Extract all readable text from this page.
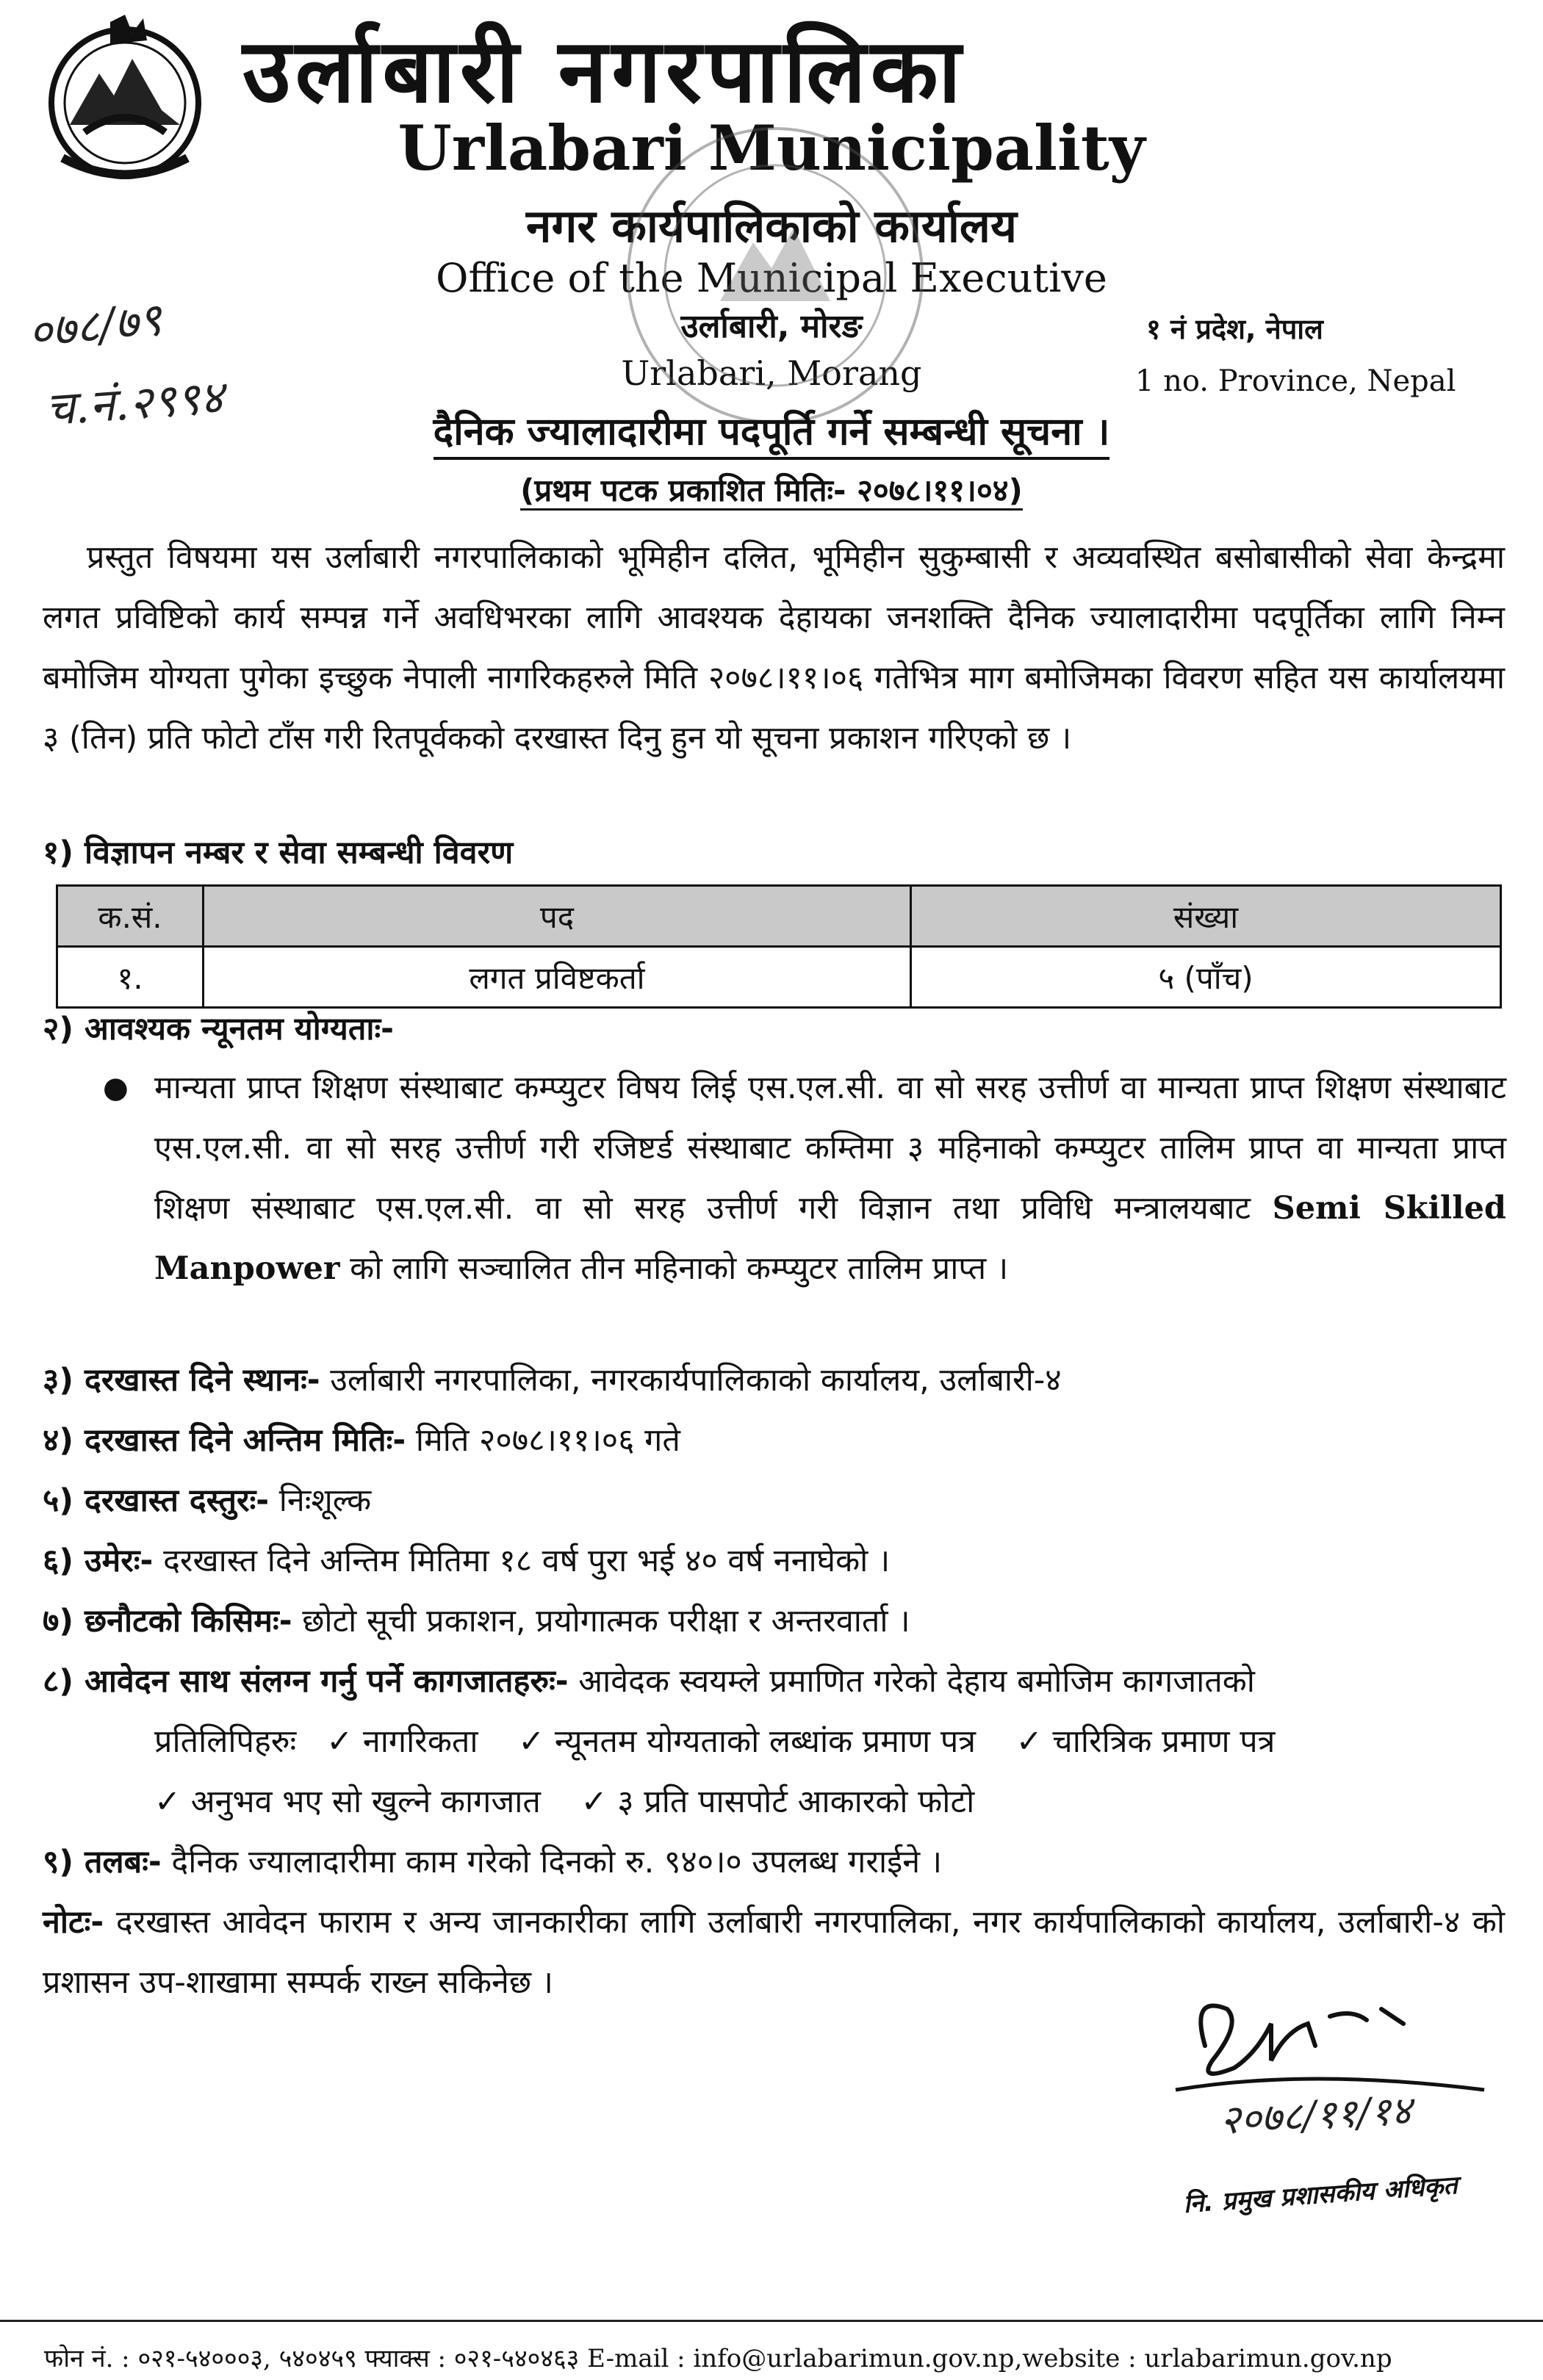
उर्लाबारी नगरपालिका
Urlabari Municipality
नगर कार्यपालिकाको कार्यालय
Office of the Municipal Executive
उर्लाबारी, मोरङ
Urlabari, Morang
१ नं प्रदेश, नेपाल
1 no. Province, Nepal
०७८/७९
च.नं.२९९४	दैनिक ज्यालादारीमा पदपूर्ति गर्ने सम्बन्धी सूचना ।
(प्रथम पटक प्रकाशित मितिः- २०७८।११।०४)
प्रस्तुत विषयमा यस उर्लाबारी नगरपालिकाको भूमिहीन दलित, भूमिहीन सुकुम्बासी र अव्यवस्थित बसोबासीको सेवा केन्द्रमा लगत प्रविष्टिको कार्य सम्पन्न गर्ने अवधिभरका लागि आवश्यक देहायका जनशक्ति दैनिक ज्यालादारीमा पदपूर्तिका लागि निम्न बमोजिम योग्यता पुगेका इच्छुक नेपाली नागरिकहरुले मिति २०७८।११।०६ गतेभित्र माग बमोजिमका विवरण सहित यस कार्यालयमा ३ (तिन) प्रति फोटो टाँस गरी रितपूर्वकको दरखास्त दिनु हुन यो सूचना प्रकाशन गरिएको छ ।
१) विज्ञापन नम्बर र सेवा सम्बन्धी विवरण
क.सं.	पद	संख्या
१.	लगत प्रविष्टकर्ता	५ (पाँच)
२) आवश्यक न्यूनतम योग्यताः-
● मान्यता प्राप्त शिक्षण संस्थाबाट कम्प्युटर विषय लिई एस.एल.सी. वा सो सरह उत्तीर्ण वा मान्यता प्राप्त शिक्षण संस्थाबाट एस.एल.सी. वा सो सरह उत्तीर्ण गरी रजिष्टर्ड संस्थाबाट कम्तिमा ३ महिनाको कम्प्युटर तालिम प्राप्त वा मान्यता प्राप्त शिक्षण संस्थाबाट एस.एल.सी. वा सो सरह उत्तीर्ण गरी विज्ञान तथा प्रविधि मन्त्रालयबाट Semi Skilled Manpower को लागि सञ्चालित तीन महिनाको कम्प्युटर तालिम प्राप्त ।
३) दरखास्त दिने स्थानः- उर्लाबारी नगरपालिका, नगरकार्यपालिकाको कार्यालय, उर्लाबारी-४
४) दरखास्त दिने अन्तिम मितिः- मिति २०७८।११।०६ गते
५) दरखास्त दस्तुरः- निःशूल्क
६) उमेरः- दरखास्त दिने अन्तिम मितिमा १८ वर्ष पुरा भई ४० वर्ष ननाघेको ।
७) छनौटको किसिमः- छोटो सूची प्रकाशन, प्रयोगात्मक परीक्षा र अन्तरवार्ता ।
८) आवेदन साथ संलग्न गर्नु पर्ने कागजातहरुः- आवेदक स्वयम्ले प्रमाणित गरेको देहाय बमोजिम कागजातको
प्रतिलिपिहरुः ✓ नागरिकता ✓ न्यूनतम योग्यताको लब्धांक प्रमाण पत्र ✓ चारित्रिक प्रमाण पत्र
✓ अनुभव भए सो खुल्ने कागजात ✓ ३ प्रति पासपोर्ट आकारको फोटो
९) तलबः- दैनिक ज्यालादारीमा काम गरेको दिनको रु. ९४०।० उपलब्ध गराईने ।
नोटः- दरखास्त आवेदन फाराम र अन्य जानकारीका लागि उर्लाबारी नगरपालिका, नगर कार्यपालिकाको कार्यालय, उर्लाबारी-४ को प्रशासन उप-शाखामा सम्पर्क राख्न सकिनेछ ।
२०७८/११/१४
नि. प्रमुख प्रशासकीय अधिकृत
फोन नं. : ०२१-५४०००३, ५४०४५९ फ्याक्स : ०२१-५४०४६३ E-mail : info@urlabarimun.gov.np,website : urlabarimun.gov.np
